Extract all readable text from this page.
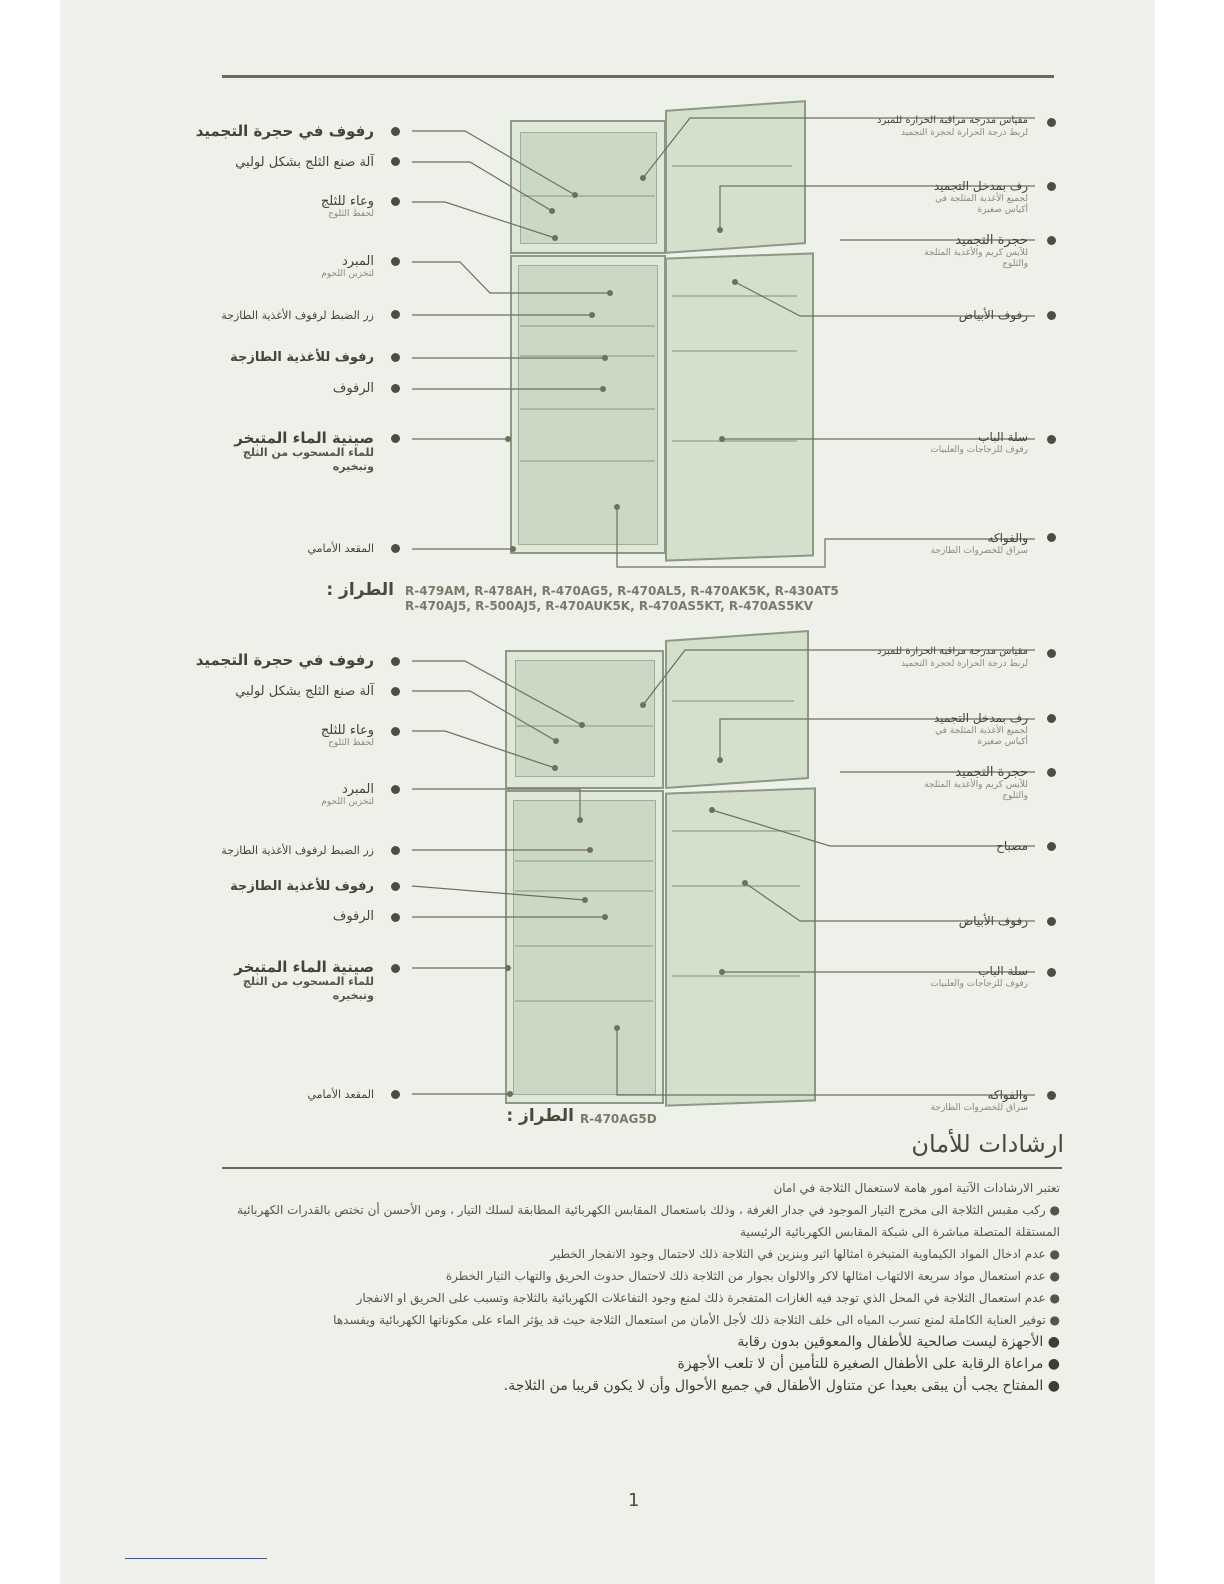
رفوف في حجرة التجميد
آلة صنع الثلج بشكل لولبي
وعاء للثلج
لحفظ الثلوج
المبرد
لتخزين اللحوم
زر الضبط لرفوف الأغذية الطازجة
رفوف للأغذية الطازجة
الرفوف
صينية الماء المتبخر
للماء المسحوب من الثلج وتبخيره
المقعد الأمامي
مقياس مدرجة مراقبة الحرارة للمبرد
لربط درجة الحرارة لحجرة التجميد
رف بمدخل التجميد
لجميع الأغذية المثلجة في أكياس صغيرة
حجرة التجميد
للآيس كريم والأغذية المثلجة والثلوج
رفوف الأبياض
سلة الباب
رفوف للزجاجات والعلبيات
والفواكه
سراق للخضروات الطازجة
الطراز : R-479AM, R-478AH, R-470AG5, R-470AL5, R-470AK5K, R-430AT5
R-470AJ5, R-500AJ5, R-470AUK5K, R-470AS5KT, R-470AS5KV
رفوف في حجرة التجميد
آلة صنع الثلج بشكل لولبي
وعاء للثلج
لحفظ الثلوج
المبرد
لتخزين اللحوم
زر الضبط لرفوف الأغذية الطازجة
رفوف للأغذية الطازجة
الرفوف
صينية الماء المتبخر
للماء المسحوب من الثلج وتبخيره
المقعد الأمامي
مقياس مدرجة مراقبة الحرارة للمبرد
لربط درجة الحرارة لحجرة التجميد
رف بمدخل التجميد
لجميع الأغذية المثلجة في أكياس صغيرة
حجرة التجميد
للآيس كريم والأغذية المثلجة والثلوج
مصباح
رفوف الأبياض
سلة الباب
رفوف للزجاجات والعلبيات
والفواكه
سراق للخضروات الطازجة
الطراز : R-470AG5D
ارشادات للأمان

تعتبر الارشادات الآتية امور هامة لاستعمال الثلاجة في امان

● ركب مقبس الثلاجة الى مخرج التيار الموجود في جدار الغرفة ، وذلك باستعمال المقابس الكهربائية المطابقة لسلك التيار ، ومن الأحسن أن تختص بالقدرات الكهربائية المستقلة المتصلة مباشرة الى شبكة المقابس الكهربائية الرئيسية

● عدم ادخال المواد الكيماوية المتبخرة امثالها اثير وبنزين في الثلاجة ذلك لاحتمال وجود الانفجار الخطير

● عدم استعمال مواد سريعة الالتهاب امثالها لاكر والالوان بجوار من الثلاجة ذلك لاحتمال حدوث الحريق والتهاب التيار الخطرة

● عدم استعمال الثلاجة في المحل الذي توجد فيه الغازات المتفجرة ذلك لمنع وجود التفاعلات الكهربائية بالثلاجة وتسبب على الحريق او الانفجار

● توفير العناية الكاملة لمنع تسرب المياه الى خلف الثلاجة ذلك لأجل الأمان من استعمال الثلاجة حيث قد يؤثر الماء على مكوناتها الكهربائية ويفسدها

● الأجهزة ليست صالحية للأطفال والمعوقين بدون رقابة

● مراعاة الرقابة على الأطفال الصغيرة للتأمين أن لا تلعب الأجهزة

● المفتاح يجب أن يبقى بعيدا عن متناول الأطفال في جميع الأحوال وأن لا يكون قريبا من الثلاجة.

1
